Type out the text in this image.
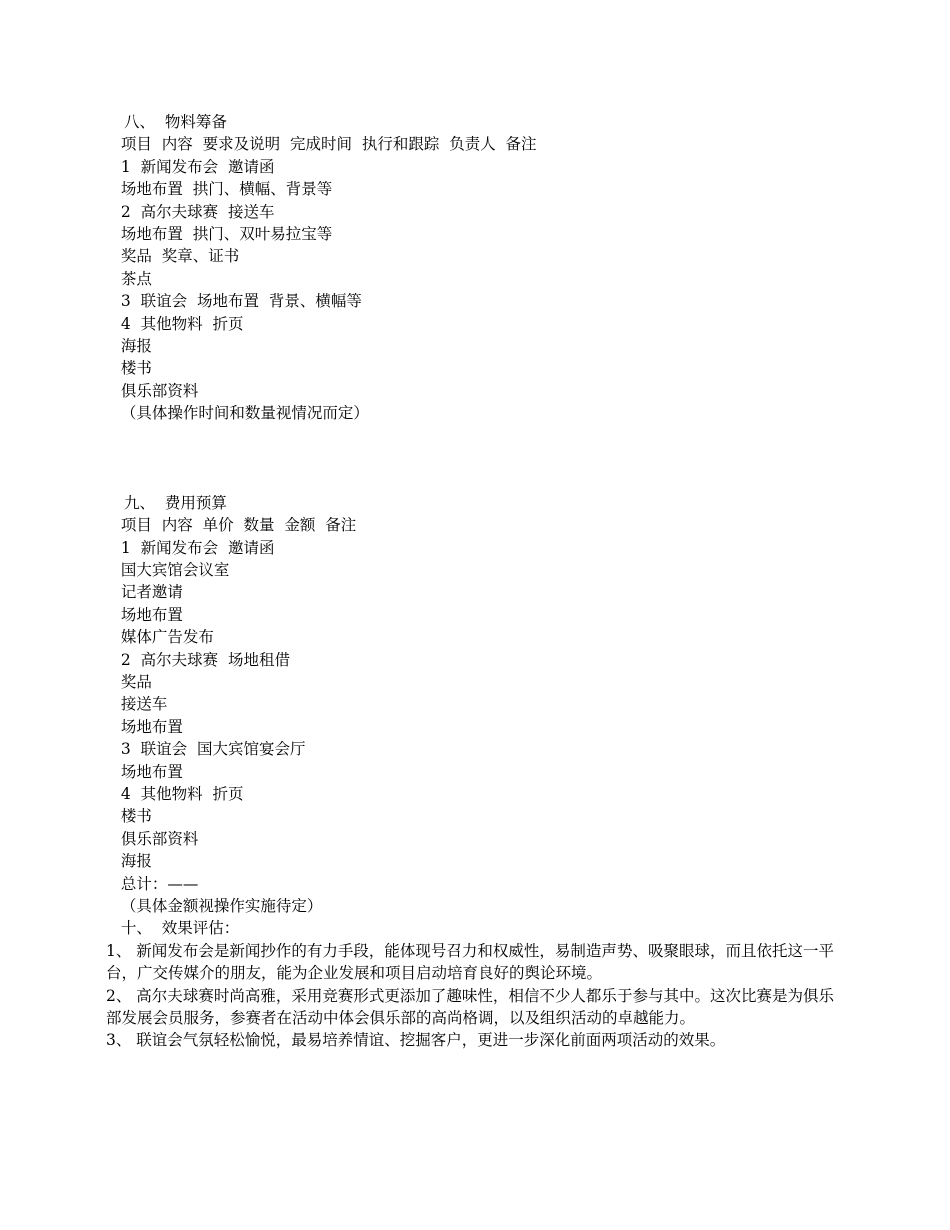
八、  物料筹备
项目  内容  要求及说明  完成时间  执行和跟踪  负责人  备注
1  新闻发布会  邀请函
场地布置  拱门、横幅、背景等
2  高尔夫球赛  接送车
场地布置  拱门、双叶易拉宝等
奖品  奖章、证书
茶点
3  联谊会  场地布置  背景、横幅等
4  其他物料  折页
海报
楼书
俱乐部资料
（具体操作时间和数量视情况而定）
九、  费用预算
项目  内容  单价  数量  金额  备注
1  新闻发布会  邀请函
国大宾馆会议室
记者邀请
场地布置
媒体广告发布
2  高尔夫球赛  场地租借
奖品
接送车
场地布置
3  联谊会  国大宾馆宴会厅
场地布置
4  其他物料  折页
楼书
俱乐部资料
海报
总计：——
（具体金额视操作实施待定）
十、  效果评估：
1、 新闻发布会是新闻抄作的有力手段，能体现号召力和权威性，易制造声势、吸聚眼球，而且依托这一平台，广交传媒介的朋友，能为企业发展和项目启动培育良好的舆论环境。
2、 高尔夫球赛时尚高雅，采用竞赛形式更添加了趣味性，相信不少人都乐于参与其中。这次比赛是为俱乐部发展会员服务，参赛者在活动中体会俱乐部的高尚格调，以及组织活动的卓越能力。
3、 联谊会气氛轻松愉悦，最易培养情谊、挖掘客户，更进一步深化前面两项活动的效果。
